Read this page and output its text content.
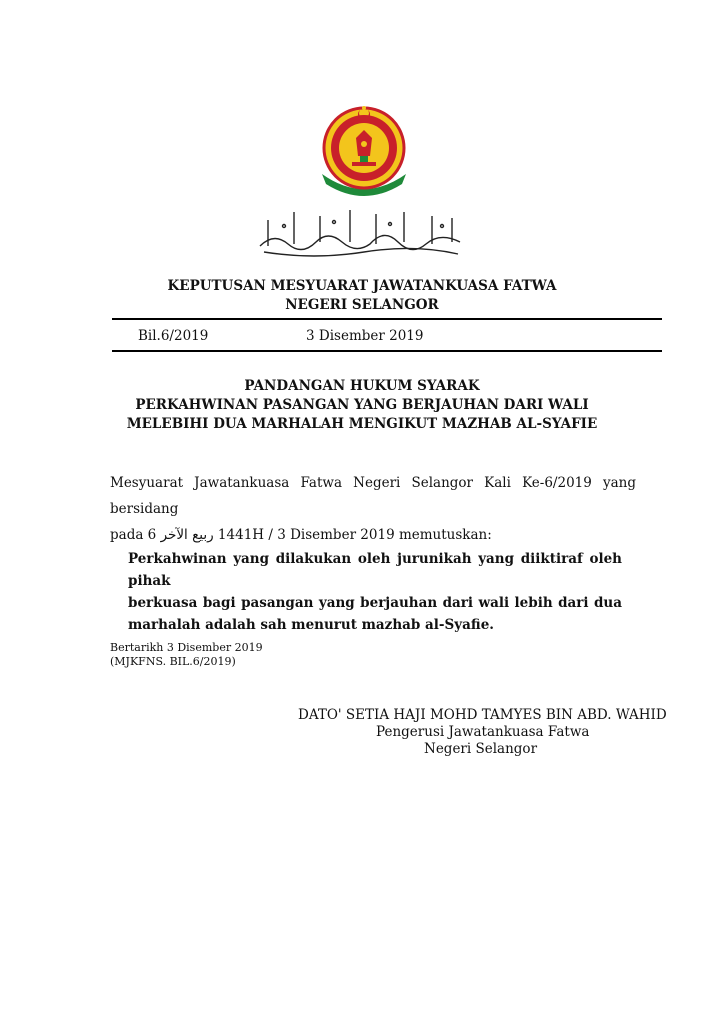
KEPUTUSAN MESYUARAT JAWATANKUASA FATWA
NEGERI SELANGOR
Bil.6/2019	3 Disember 2019
PANDANGAN HUKUM SYARAK
PERKAHWINAN PASANGAN YANG BERJAUHAN DARI WALI
MELEBIHI DUA MARHALAH MENGIKUT MAZHAB AL-SYAFIE
Mesyuarat Jawatankuasa Fatwa Negeri Selangor Kali Ke-6/2019 yang bersidang
pada 6 ربيع الآخر 1441H / 3 Disember 2019 memutuskan:
Perkahwinan yang dilakukan oleh jurunikah yang diiktiraf oleh pihak
berkuasa bagi pasangan yang berjauhan dari wali lebih dari dua
marhalah adalah sah menurut mazhab al-Syafie.
Bertarikh 3 Disember 2019
(MJKFNS. BIL.6/2019)
DATO' SETIA HAJI MOHD TAMYES BIN ABD. WAHID
Pengerusi Jawatankuasa Fatwa
Negeri Selangor
